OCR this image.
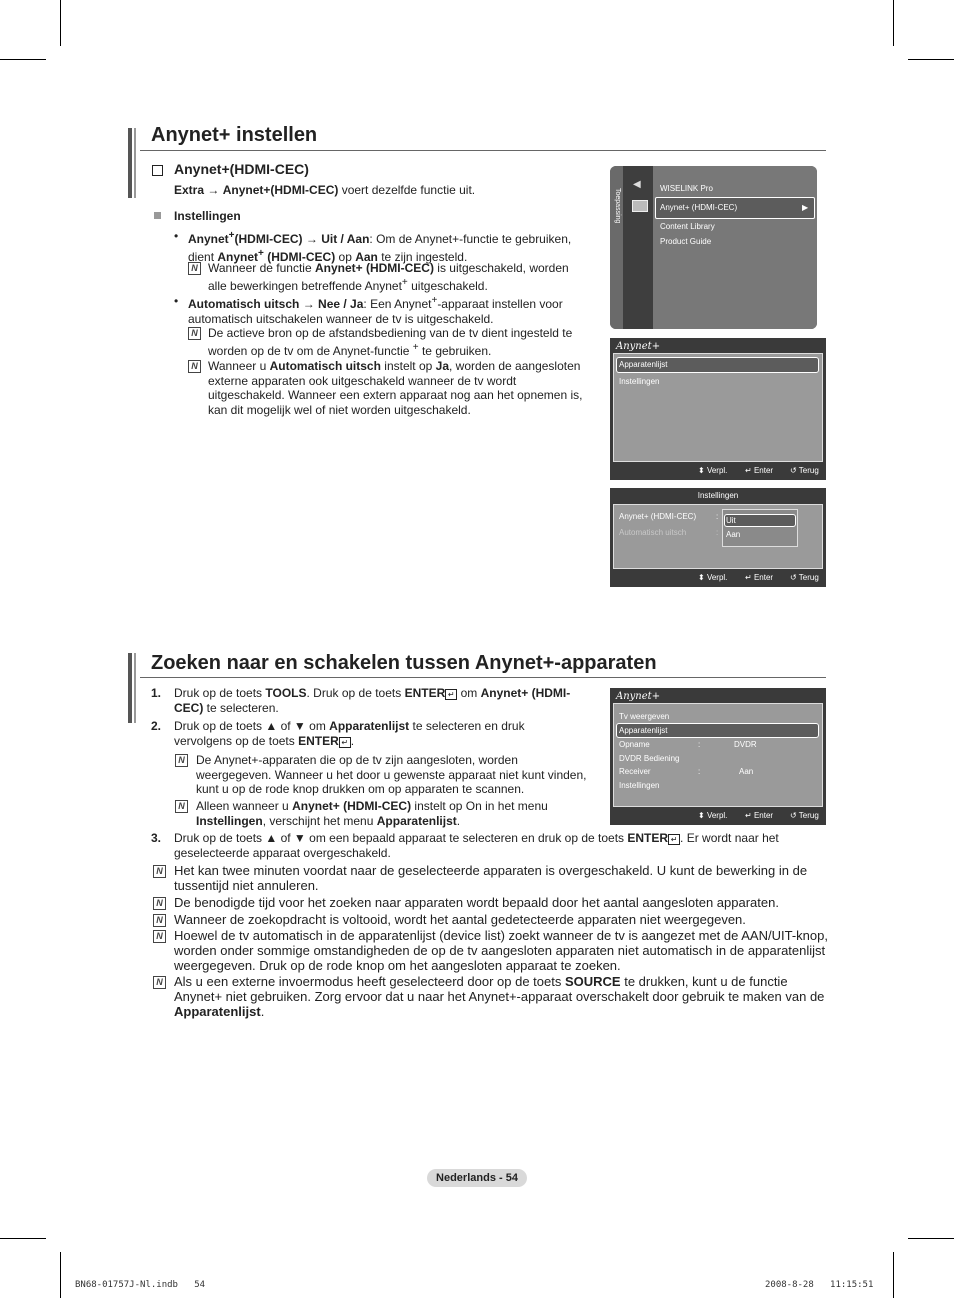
Anynet+ instellen
Anynet+(HDMI-CEC)
Extra → Anynet+(HDMI-CEC) voert dezelfde functie uit.
Instellingen
• Anynet+(HDMI-CEC) → Uit / Aan: Om de Anynet+-functie te gebruiken, dient Anynet+ (HDMI-CEC) op Aan te zijn ingesteld.
N Wanneer de functie Anynet+ (HDMI-CEC) is uitgeschakeld, worden alle bewerkingen betreffende Anynet+ uitgeschakeld.
• Automatisch uitsch → Nee / Ja: Een Anynet+-apparaat instellen voor automatisch uitschakelen wanneer de tv is uitgeschakeld.
N De actieve bron op de afstandsbediening van de tv dient ingesteld te worden op de tv om de Anynet-functie + te gebruiken.
N Wanneer u Automatisch uitsch instelt op Ja, worden de aangesloten externe apparaten ook uitgeschakeld wanneer de tv wordt uitgeschakeld. Wanneer een extern apparaat nog aan het opnemen is, kan dit mogelijk wel of niet worden uitgeschakeld.
Toepassing
◀	WISELINK Pro
Anynet+ (HDMI-CEC)	▶
Content Library
Product Guide
Anynet+
Apparatenlijst
Instellingen
⬍ Verpl. ↵ Enter ↺ Terug
Instellingen
Anynet+ (HDMI-CEC) :
Automatisch uitsch	:
Uit
Aan
⬍ Verpl. ↵ Enter ↺ Terug
Zoeken naar en schakelen tussen Anynet+-apparaten
1. Druk op de toets TOOLS. Druk op de toets ENTER ↵ om Anynet+ (HDMI-CEC) te selecteren.
2. Druk op de toets ▲ of ▼ om Apparatenlijst te selecteren en druk vervolgens op de toets ENTER ↵ .
N De Anynet+-apparaten die op de tv zijn aangesloten, worden weergegeven. Wanneer u het door u gewenste apparaat niet kunt vinden, kunt u op de rode knop drukken om op apparaten te scannen.
N Alleen wanneer u Anynet+ (HDMI-CEC) instelt op On in het menu Instellingen, verschijnt het menu Apparatenlijst.
3. Druk op de toets ▲ of ▼ om een bepaald apparaat te selecteren en druk op de toets ENTER ↵ . Er wordt naar het geselecteerde apparaat overgeschakeld.
N Het kan twee minuten voordat naar de geselecteerde apparaten is overgeschakeld. U kunt de bewerking in de tussentijd niet annuleren.
N De benodigde tijd voor het zoeken naar apparaten wordt bepaald door het aantal aangesloten apparaten.
N Wanneer de zoekopdracht is voltooid, wordt het aantal gedetecteerde apparaten niet weergegeven.
N Hoewel de tv automatisch in de apparatenlijst (device list) zoekt wanneer de tv is aangezet met de AAN/UIT-knop, worden onder sommige omstandigheden de op de tv aangesloten apparaten niet automatisch in de apparatenlijst weergegeven. Druk op de rode knop om het aangesloten apparaat te zoeken.
N Als u een externe invoermodus heeft geselecteerd door op de toets SOURCE te drukken, kunt u de functie Anynet+ niet gebruiken. Zorg ervoor dat u naar het Anynet+-apparaat overschakelt door gebruik te maken van de Apparatenlijst.
Anynet+
Tv weergeven
Apparatenlijst
Opname	:	DVDR
DVDR Bediening
Receiver	:	Aan
Instellingen
⬍ Verpl. ↵ Enter ↺ Terug
Nederlands - 54
BN68-01757J-Nl.indb   54	2008-8-28   11:15:51
